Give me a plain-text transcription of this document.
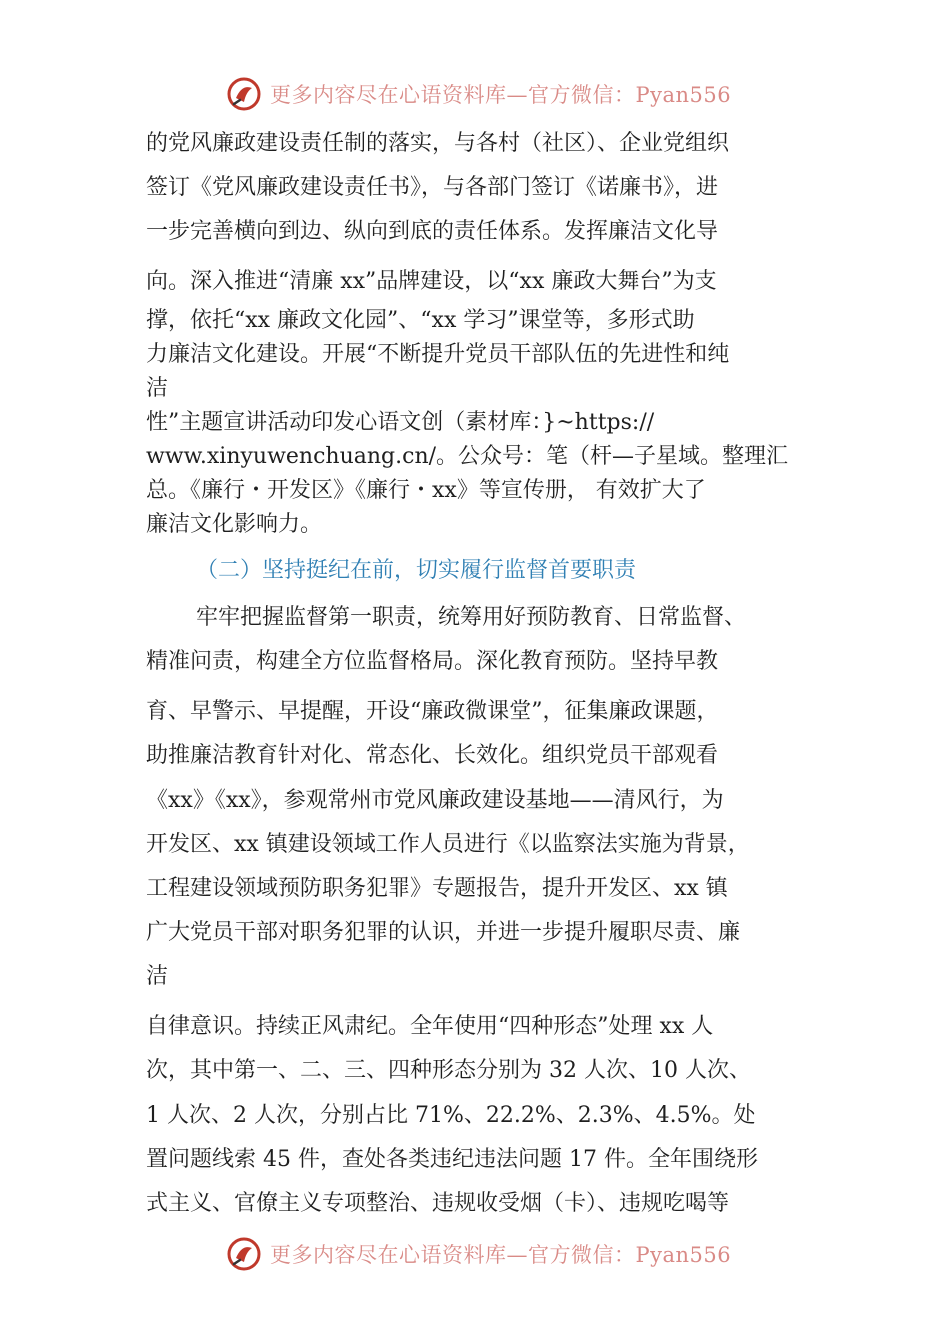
更多内容尽在心语资料库—官方微信：Pyan556
的党风廉政建设责任制的落实，与各村（社区）、企业党组织
签订《党风廉政建设责任书》，与各部门签订《诺廉书》，进
一步完善横向到边、纵向到底的责任体系。发挥廉洁文化导
向。深入推进“清廉 xx”品牌建设，以“xx 廉政大舞台”为支
撑，依托“xx 廉政文化园”、“xx 学习”课堂等，多形式助
力廉洁文化建设。开展“不断提升党员干部队伍的先进性和纯
洁
性”主题宣讲活动印发心语文创（素材库：}~https://
www.xinyuwenchuang.cn/。公众号：笔（杆—子星域。整理汇
总。《廉行・开发区》《廉行・xx》等宣传册， 有效扩大了
廉洁文化影响力。
（二）坚持挺纪在前，切实履行监督首要职责
牢牢把握监督第一职责，统筹用好预防教育、日常监督、
精准问责，构建全方位监督格局。深化教育预防。坚持早教
育、早警示、早提醒，开设“廉政微课堂”，征集廉政课题，
助推廉洁教育针对化、常态化、长效化。组织党员干部观看
《xx》《xx》，参观常州市党风廉政建设基地——清风行，为
开发区、xx 镇建设领域工作人员进行《以监察法实施为背景，
工程建设领域预防职务犯罪》专题报告，提升开发区、xx 镇
广大党员干部对职务犯罪的认识，并进一步提升履职尽责、廉
洁
自律意识。持续正风肃纪。全年使用“四种形态”处理 xx 人
次，其中第一、二、三、四种形态分别为 32 人次、10 人次、
1 人次、2 人次，分别占比 71%、22.2%、2.3%、4.5%。处
置问题线索 45 件，查处各类违纪违法问题 17 件。全年围绕形
式主义、官僚主义专项整治、违规收受烟（卡）、违规吃喝等
更多内容尽在心语资料库—官方微信：Pyan556
